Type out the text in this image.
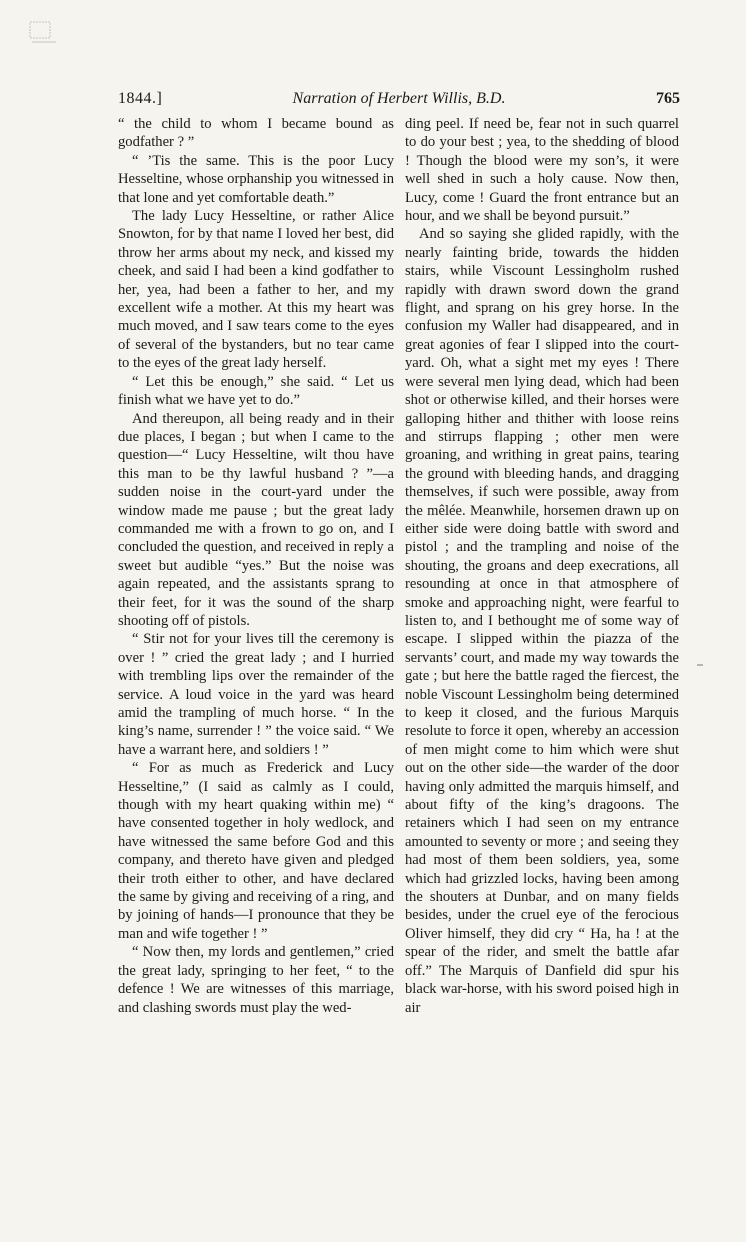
1844.]	Narration of Herbert Willis, B.D.	765

“ the child to whom I became bound as godfather ? ”

“ ’Tis the same. This is the poor Lucy Hesseltine, whose orphanship you witnessed in that lone and yet comfortable death.”

The lady Lucy Hesseltine, or rather Alice Snowton, for by that name I loved her best, did throw her arms about my neck, and kissed my cheek, and said I had been a kind godfather to her, yea, had been a father to her, and my excellent wife a mother. At this my heart was much moved, and I saw tears come to the eyes of several of the bystanders, but no tear came to the eyes of the great lady herself.

“ Let this be enough,” she said. “ Let us finish what we have yet to do.”

And thereupon, all being ready and in their due places, I began ; but when I came to the question—“ Lucy Hesseltine, wilt thou have this man to be thy lawful husband ? ”—a sudden noise in the court-yard under the window made me pause ; but the great lady commanded me with a frown to go on, and I concluded the question, and received in reply a sweet but audible “yes.” But the noise was again repeated, and the assistants sprang to their feet, for it was the sound of the sharp shooting off of pistols.

“ Stir not for your lives till the ceremony is over ! ” cried the great lady ; and I hurried with trembling lips over the remainder of the service. A loud voice in the yard was heard amid the trampling of much horse. “ In the king’s name, surrender ! ” the voice said. “ We have a warrant here, and soldiers ! ”

“ For as much as Frederick and Lucy Hesseltine,” (I said as calmly as I could, though with my heart quaking within me) “ have consented together in holy wedlock, and have witnessed the same before God and this company, and thereto have given and pledged their troth either to other, and have declared the same by giving and receiving of a ring, and by joining of hands—I pronounce that they be man and wife together ! ”

“ Now then, my lords and gentlemen,” cried the great lady, springing to her feet, “ to the defence ! We are witnesses of this marriage, and clashing swords must play the wed-

ding peel. If need be, fear not in such quarrel to do your best ; yea, to the shedding of blood ! Though the blood were my son’s, it were well shed in such a holy cause. Now then, Lucy, come ! Guard the front entrance but an hour, and we shall be beyond pursuit.”

And so saying she glided rapidly, with the nearly fainting bride, towards the hidden stairs, while Viscount Lessingholm rushed rapidly with drawn sword down the grand flight, and sprang on his grey horse. In the confusion my Waller had disappeared, and in great agonies of fear I slipped into the court-yard. Oh, what a sight met my eyes ! There were several men lying dead, which had been shot or otherwise killed, and their horses were galloping hither and thither with loose reins and stirrups flapping ; other men were groaning, and writhing in great pains, tearing the ground with bleeding hands, and dragging themselves, if such were possible, away from the mêlée. Meanwhile, horsemen drawn up on either side were doing battle with sword and pistol ; and the trampling and noise of the shouting, the groans and deep execrations, all resounding at once in that atmosphere of smoke and approaching night, were fearful to listen to, and I bethought me of some way of escape. I slipped within the piazza of the servants’ court, and made my way towards the gate ; but here the battle raged the fiercest, the noble Viscount Lessingholm being determined to keep it closed, and the furious Marquis resolute to force it open, whereby an accession of men might come to him which were shut out on the other side—the warder of the door having only admitted the marquis himself, and about fifty of the king’s dragoons. The retainers which I had seen on my entrance amounted to seventy or more ; and seeing they had most of them been soldiers, yea, some which had grizzled locks, having been among the shouters at Dunbar, and on many fields besides, under the cruel eye of the ferocious Oliver himself, they did cry “ Ha, ha ! at the spear of the rider, and smelt the battle afar off.” The Marquis of Danfield did spur his black war-horse, with his sword poised high in air
